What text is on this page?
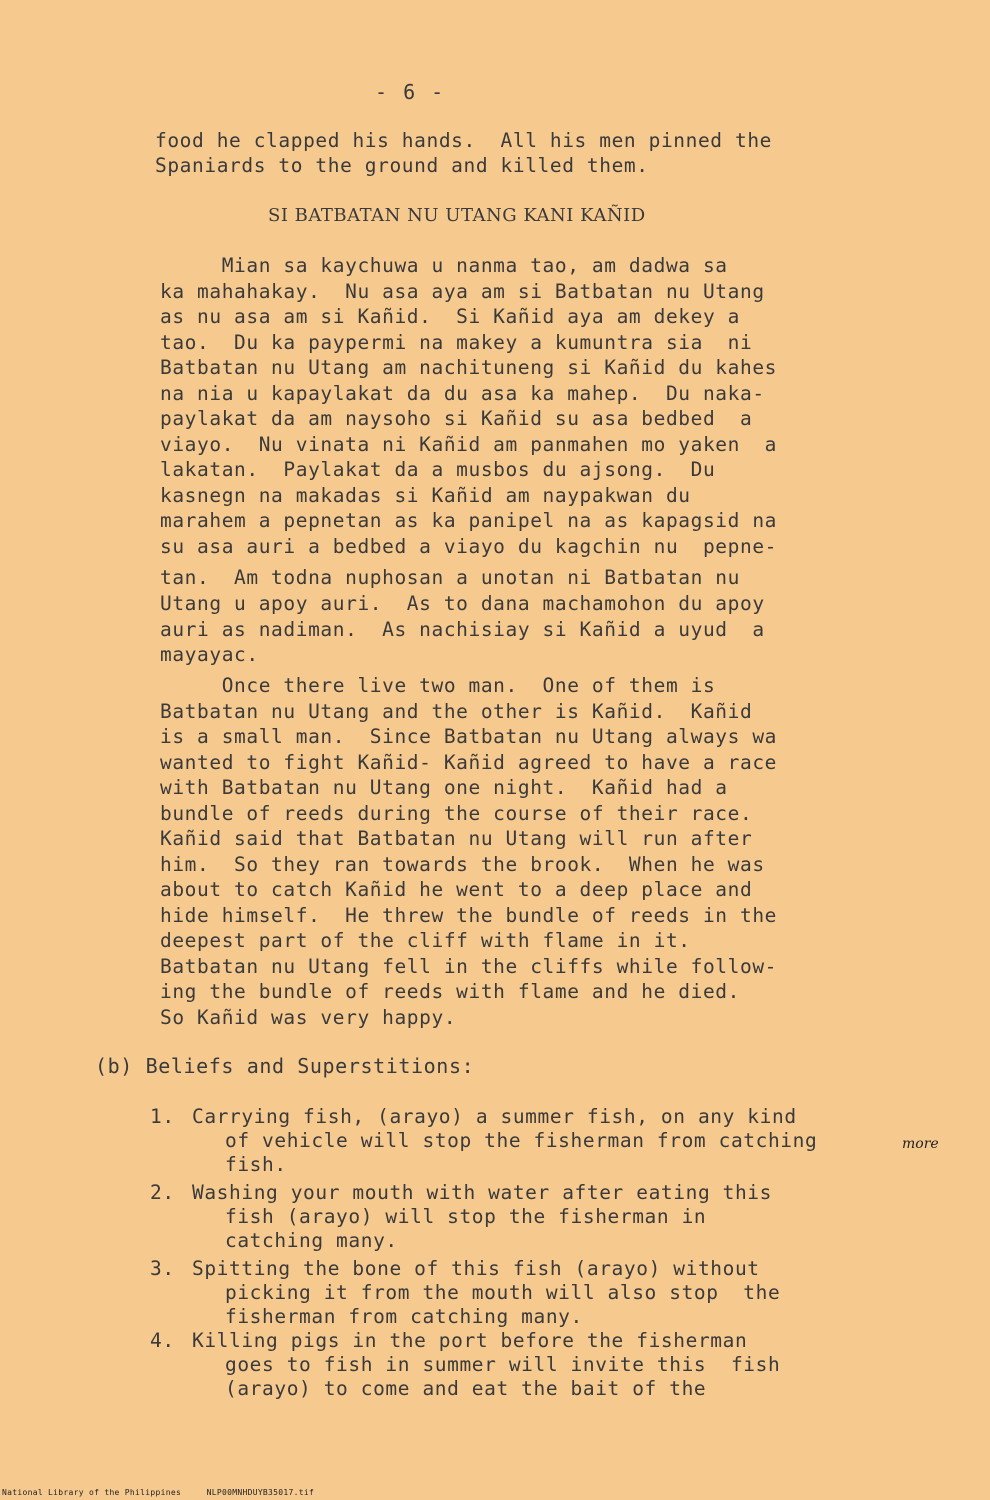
- 6 -
food he clapped his hands.  All his men pinned the
Spaniards to the ground and killed them.
SI BATBATAN NU UTANG KANI KAÑID
Mian sa kaychuwa u nanma tao, am dadwa sa
ka mahahakay.  Nu asa aya am si Batbatan nu Utang
as nu asa am si Kañid.  Si Kañid aya am dekey a
tao.  Du ka paypermi na makey a kumuntra sia  ni
Batbatan nu Utang am nachituneng si Kañid du kahes
na nia u kapaylakat da du asa ka mahep.  Du naka-
paylakat da am naysoho si Kañid su asa bedbed  a
viayo.  Nu vinata ni Kañid am panmahen mo yaken  a
lakatan.  Paylakat da a musbos du ajsong.  Du
kasnegn na makadas si Kañid am naypakwan du
marahem a pepnetan as ka panipel na as kapagsid na
su asa auri a bedbed a viayo du kagchin nu  pepne-
tan.  Am todna nuphosan a unotan ni Batbatan nu
Utang u apoy auri.  As to dana machamohon du apoy
auri as nadiman.  As nachisiay si Kañid a uyud  a
mayayac.
Once there live two man.  One of them is
Batbatan nu Utang and the other is Kañid.  Kañid
is a small man.  Since Batbatan nu Utang always wa
wanted to fight Kañid- Kañid agreed to have a race
with Batbatan nu Utang one night.  Kañid had a
bundle of reeds during the course of their race.
Kañid said that Batbatan nu Utang will run after
him.  So they ran towards the brook.  When he was
about to catch Kañid he went to a deep place and
hide himself.  He threw the bundle of reeds in the
deepest part of the cliff with flame in it.
Batbatan nu Utang fell in the cliffs while follow-
ing the bundle of reeds with flame and he died.
So Kañid was very happy.
(b) Beliefs and Superstitions:
1. Carrying fish, (arayo) a summer fish, on any kind
of vehicle will stop the fisherman from catching
fish.
more
2. Washing your mouth with water after eating this
fish (arayo) will stop the fisherman in
catching many.
3. Spitting the bone of this fish (arayo) without
picking it from the mouth will also stop  the
fisherman from catching many.
4. Killing pigs in the port before the fisherman
goes to fish in summer will invite this  fish
(arayo) to come and eat the bait of the
National Library of the Philippines     NLP00MNHDUYB35017.tif
